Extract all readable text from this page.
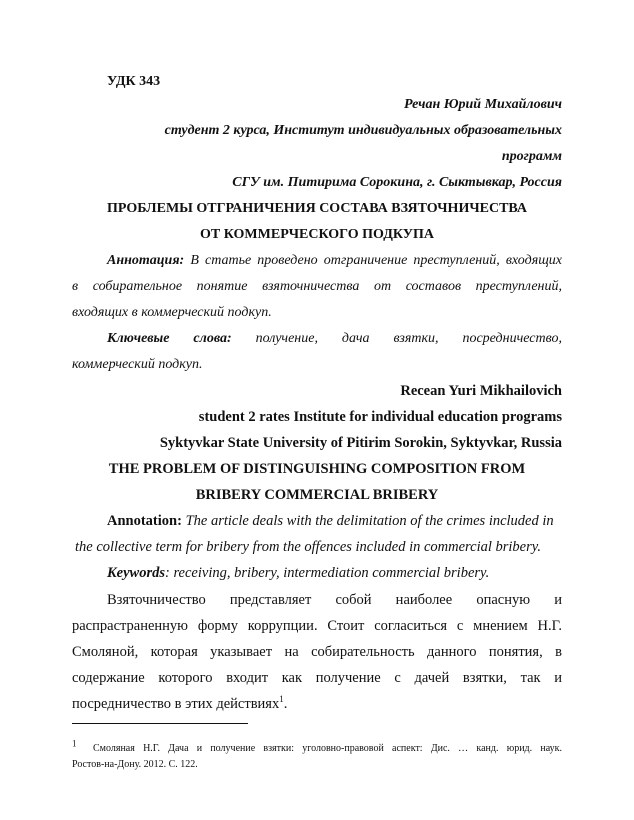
УДК 343

Речан Юрий Михайлович

студент 2 курса, Институт индивидуальных образовательных

программ

СГУ им. Питирима Сорокина, г. Сыктывкар, Россия

ПРОБЛЕМЫ ОТГРАНИЧЕНИЯ СОСТАВА ВЗЯТОЧНИЧЕСТВА

ОТ КОММЕРЧЕСКОГО ПОДКУПА

Аннотация: В статье проведено отграничение преступлений, входящих

в собирательное понятие взяточничества от составов преступлений,

входящих в коммерческий подкуп.

Ключевые слова: получение, дача взятки, посредничество,

коммерческий подкуп.

Recean Yuri Mikhailovich

student 2 rates Institute for individual education programs

Syktyvkar State University of Pitirim Sorokin, Syktyvkar, Russia

THE PROBLEM OF DISTINGUISHING COMPOSITION FROM

BRIBERY COMMERCIAL BRIBERY

Annotation: The article deals with the delimitation of the crimes included in

the collective term for bribery from the offences included in commercial bribery.

Keywords: receiving, bribery, intermediation commercial bribery.

Взяточничество представляет собой наиболее опасную и

распрастраненную форму коррупции. Стоит согласиться с мнением Н.Г.

Смоляной, которая указывает на собирательность данного понятия, в

содержание которого входит как получение с дачей взятки, так и

посредничество в этих действиях$^1$.

$^1$ Смоляная Н.Г. Дача и получение взятки: уголовно-правовой аспект: Дис. … канд. юрид. наук.

Ростов-на-Дону. 2012. С. 122.
